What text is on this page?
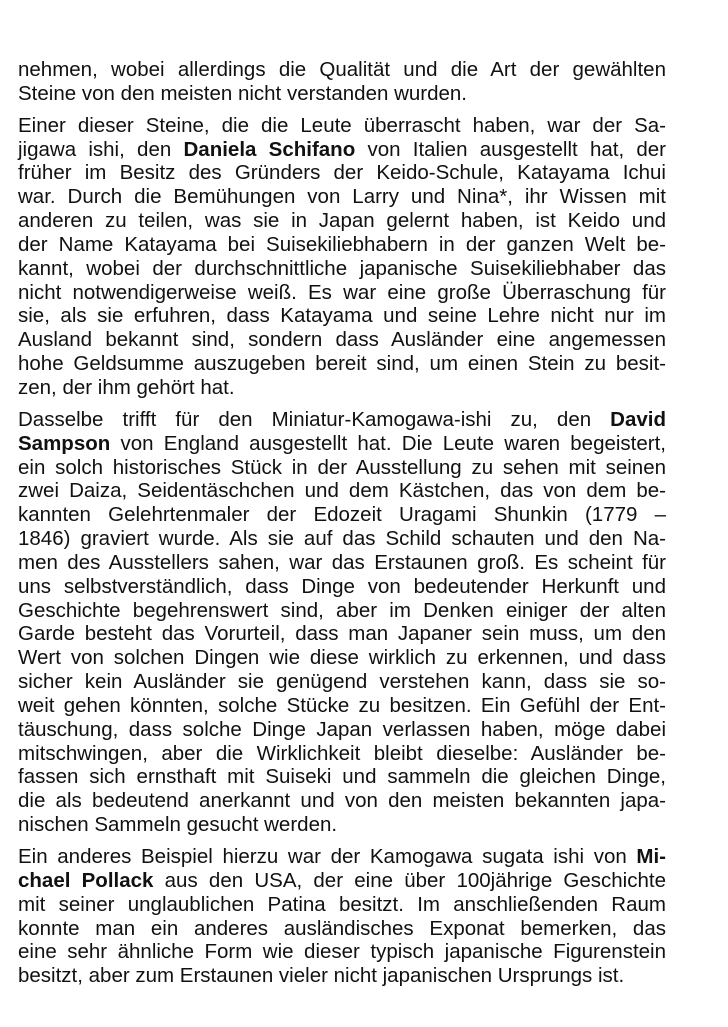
nehmen, wobei allerdings die Qualität und die Art der gewählten
Steine von den meisten nicht verstanden wurden.
Einer dieser Steine, die die Leute überrascht haben, war der Sa-
jigawa ishi, den Daniela Schifano von Italien ausgestellt hat, der
früher im Besitz des Gründers der Keido-Schule, Katayama Ichui
war. Durch die Bemühungen von Larry und Nina*, ihr Wissen mit
anderen zu teilen, was sie in Japan gelernt haben, ist Keido und
der Name Katayama bei Suisekiliebhabern in der ganzen Welt be-
kannt, wobei der durchschnittliche japanische Suisekiliebhaber das
nicht notwendigerweise weiß. Es war eine große Überraschung für
sie, als sie erfuhren, dass Katayama und seine Lehre nicht nur im
Ausland bekannt sind, sondern dass Ausländer eine angemessen
hohe Geldsumme auszugeben bereit sind, um einen Stein zu besit-
zen, der ihm gehört hat.
Dasselbe trifft für den Miniatur-Kamogawa-ishi zu, den David
Sampson von England ausgestellt hat. Die Leute waren begeistert,
ein solch historisches Stück in der Ausstellung zu sehen mit seinen
zwei Daiza, Seidentäschchen und dem Kästchen, das von dem be-
kannten Gelehrtenmaler der Edozeit Uragami Shunkin (1779 –
1846) graviert wurde. Als sie auf das Schild schauten und den Na-
men des Ausstellers sahen, war das Erstaunen groß. Es scheint für
uns selbstverständlich, dass Dinge von bedeutender Herkunft und
Geschichte begehrenswert sind, aber im Denken einiger der alten
Garde besteht das Vorurteil, dass man Japaner sein muss, um den
Wert von solchen Dingen wie diese wirklich zu erkennen, und dass
sicher kein Ausländer sie genügend verstehen kann, dass sie so-
weit gehen könnten, solche Stücke zu besitzen. Ein Gefühl der Ent-
täuschung, dass solche Dinge Japan verlassen haben, möge dabei
mitschwingen, aber die Wirklichkeit bleibt dieselbe: Ausländer be-
fassen sich ernsthaft mit Suiseki und sammeln die gleichen Dinge,
die als bedeutend anerkannt und von den meisten bekannten japa-
nischen Sammeln gesucht werden.
Ein anderes Beispiel hierzu war der Kamogawa sugata ishi von Mi-
chael Pollack aus den USA, der eine über 100jährige Geschichte
mit seiner unglaublichen Patina besitzt. Im anschließenden Raum
konnte man ein anderes ausländisches Exponat bemerken, das
eine sehr ähnliche Form wie dieser typisch japanische Figurenstein
besitzt, aber zum Erstaunen vieler nicht japanischen Ursprungs ist.
